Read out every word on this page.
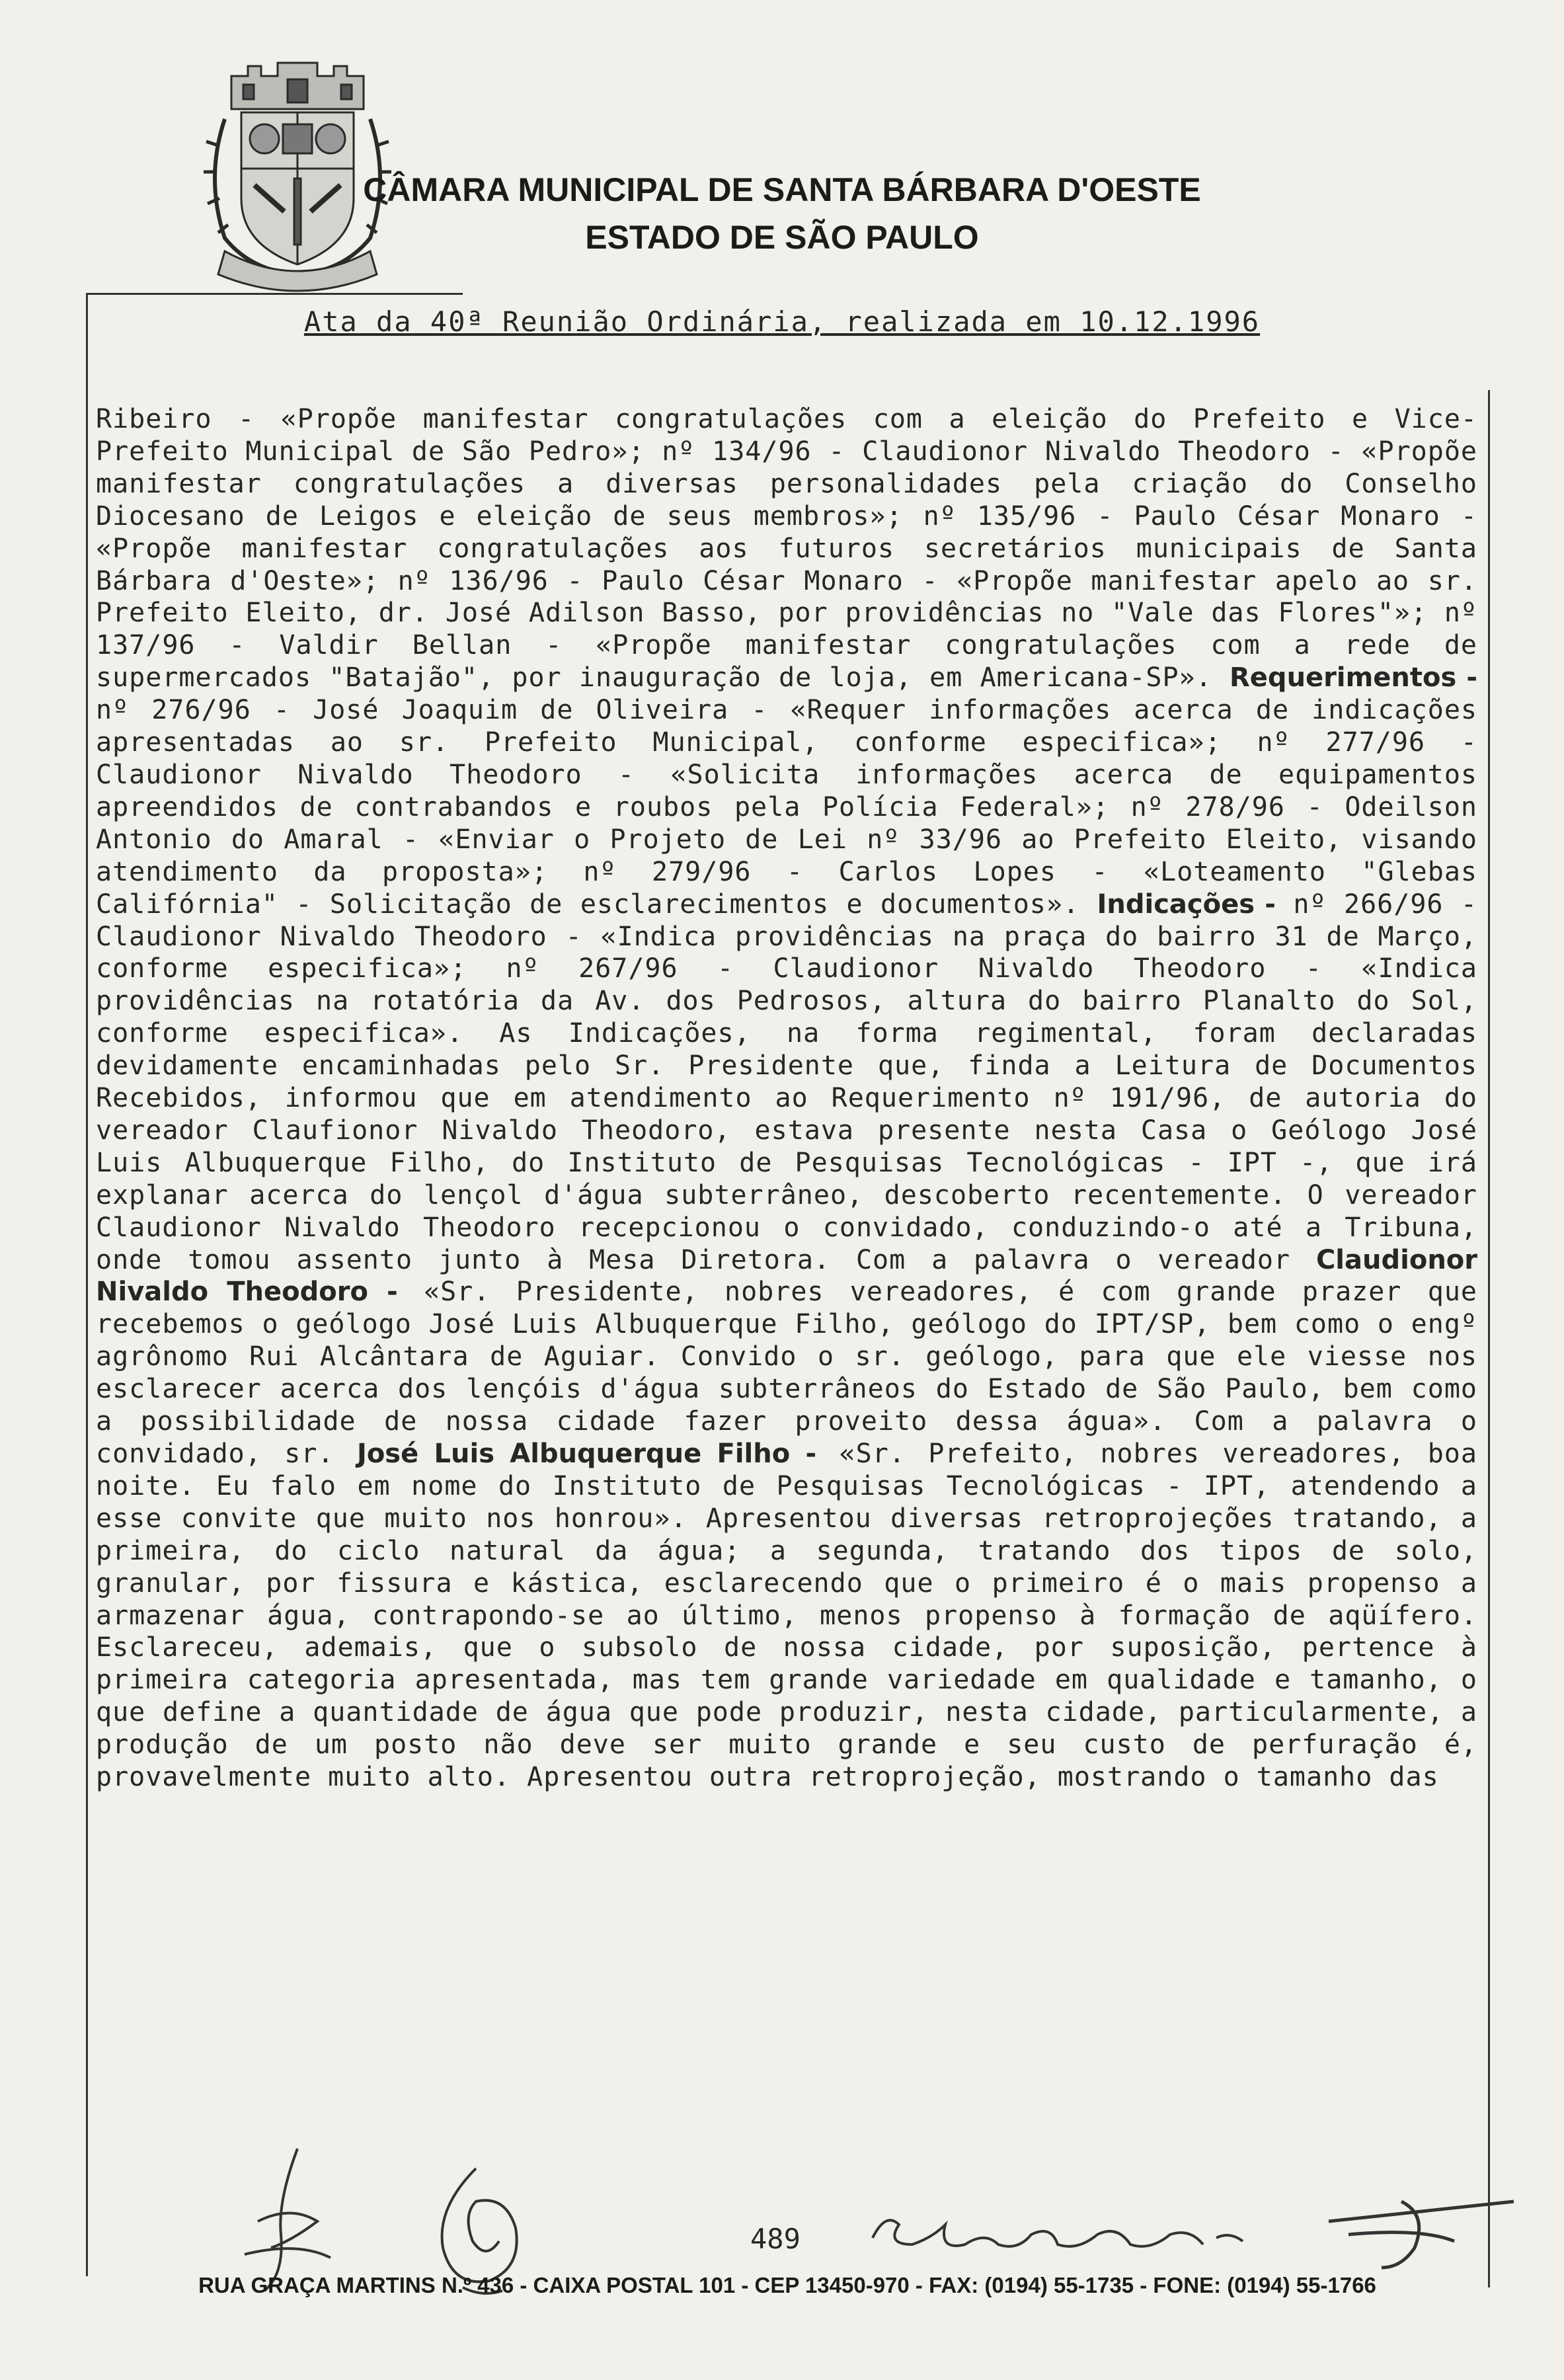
CÂMARA MUNICIPAL DE SANTA BÁRBARA D'OESTE
ESTADO DE SÃO PAULO
Ata da 40ª Reunião Ordinária, realizada em 10.12.1996

Ribeiro - «Propõe manifestar congratulações com a eleição do Prefeito e Vice-Prefeito Municipal de São Pedro»; nº 134/96 - Claudionor Nivaldo Theodoro - «Propõe manifestar congratulações a diversas personalidades pela criação do Conselho Diocesano de Leigos e eleição de seus membros»; nº 135/96 - Paulo César Monaro - «Propõe manifestar congratulações aos futuros secretários municipais de Santa Bárbara d'Oeste»; nº 136/96 - Paulo César Monaro - «Propõe manifestar apelo ao sr. Prefeito Eleito, dr. José Adilson Basso, por providências no "Vale das Flores"»; nº 137/96 - Valdir Bellan - «Propõe manifestar congratulações com a rede de supermercados "Batajão", por inauguração de loja, em Americana-SP». Requerimentos - nº 276/96 - José Joaquim de Oliveira - «Requer informações acerca de indicações apresentadas ao sr. Prefeito Municipal, conforme especifica»; nº 277/96 - Claudionor Nivaldo Theodoro - «Solicita informações acerca de equipamentos apreendidos de contrabandos e roubos pela Polícia Federal»; nº 278/96 - Odeilson Antonio do Amaral - «Enviar o Projeto de Lei nº 33/96 ao Prefeito Eleito, visando atendimento da proposta»; nº 279/96 - Carlos Lopes - «Loteamento "Glebas Califórnia" - Solicitação de esclarecimentos e documentos». Indicações - nº 266/96 - Claudionor Nivaldo Theodoro - «Indica providências na praça do bairro 31 de Março, conforme especifica»; nº 267/96 - Claudionor Nivaldo Theodoro - «Indica providências na rotatória da Av. dos Pedrosos, altura do bairro Planalto do Sol, conforme especifica». As Indicações, na forma regimental, foram declaradas devidamente encaminhadas pelo Sr. Presidente que, finda a Leitura de Documentos Recebidos, informou que em atendimento ao Requerimento nº 191/96, de autoria do vereador Claufionor Nivaldo Theodoro, estava presente nesta Casa o Geólogo José Luis Albuquerque Filho, do Instituto de Pesquisas Tecnológicas - IPT -, que irá explanar acerca do lençol d'água subterrâneo, descoberto recentemente. O vereador Claudionor Nivaldo Theodoro recepcionou o convidado, conduzindo-o até a Tribuna, onde tomou assento junto à Mesa Diretora. Com a palavra o vereador Claudionor Nivaldo Theodoro - «Sr. Presidente, nobres vereadores, é com grande prazer que recebemos o geólogo José Luis Albuquerque Filho, geólogo do IPT/SP, bem como o engº agrônomo Rui Alcântara de Aguiar. Convido o sr. geólogo, para que ele viesse nos esclarecer acerca dos lençóis d'água subterrâneos do Estado de São Paulo, bem como a possibilidade de nossa cidade fazer proveito dessa água». Com a palavra o convidado, sr. José Luis Albuquerque Filho - «Sr. Prefeito, nobres vereadores, boa noite. Eu falo em nome do Instituto de Pesquisas Tecnológicas - IPT, atendendo a esse convite que muito nos honrou». Apresentou diversas retroprojeções tratando, a primeira, do ciclo natural da água; a segunda, tratando dos tipos de solo, granular, por fissura e kástica, esclarecendo que o primeiro é o mais propenso a armazenar água, contrapondo-se ao último, menos propenso à formação de aqüífero. Esclareceu, ademais, que o subsolo de nossa cidade, por suposição, pertence à primeira categoria apresentada, mas tem grande variedade em qualidade e tamanho, o que define a quantidade de água que pode produzir, nesta cidade, particularmente, a produção de um posto não deve ser muito grande e seu custo de perfuração é, provavelmente muito alto. Apresentou outra retroprojeção, mostrando o tamanho das

489
RUA GRAÇA MARTINS N.º 436 - CAIXA POSTAL 101 - CEP 13450-970 - FAX: (0194) 55-1735 - FONE: (0194) 55-1766
